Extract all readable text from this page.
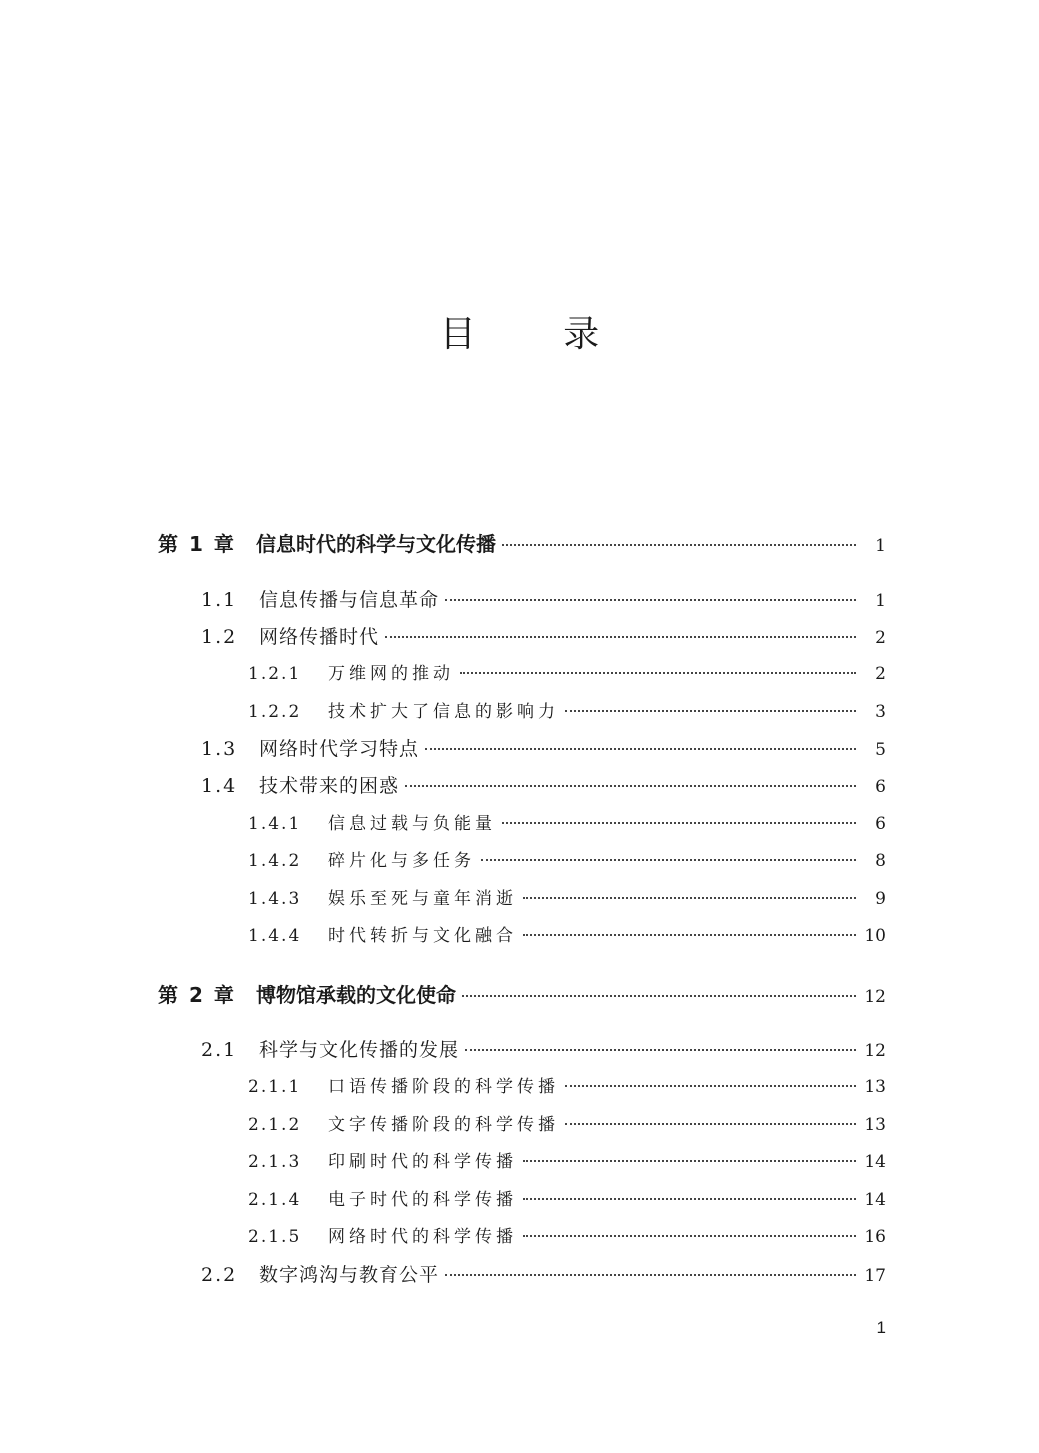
目 录
第 1 章	信息时代的科学与文化传播	1
1.1	信息传播与信息革命	1
1.2	网络传播时代	2
1.2.1	万维网的推动	2
1.2.2	技术扩大了信息的影响力	3
1.3	网络时代学习特点	5
1.4	技术带来的困惑	6
1.4.1	信息过载与负能量	6
1.4.2	碎片化与多任务	8
1.4.3	娱乐至死与童年消逝	9
1.4.4	时代转折与文化融合	10
第 2 章	博物馆承载的文化使命	12
2.1	科学与文化传播的发展	12
2.1.1	口语传播阶段的科学传播	13
2.1.2	文字传播阶段的科学传播	13
2.1.3	印刷时代的科学传播	14
2.1.4	电子时代的科学传播	14
2.1.5	网络时代的科学传播	16
2.2	数字鸿沟与教育公平	17
1
